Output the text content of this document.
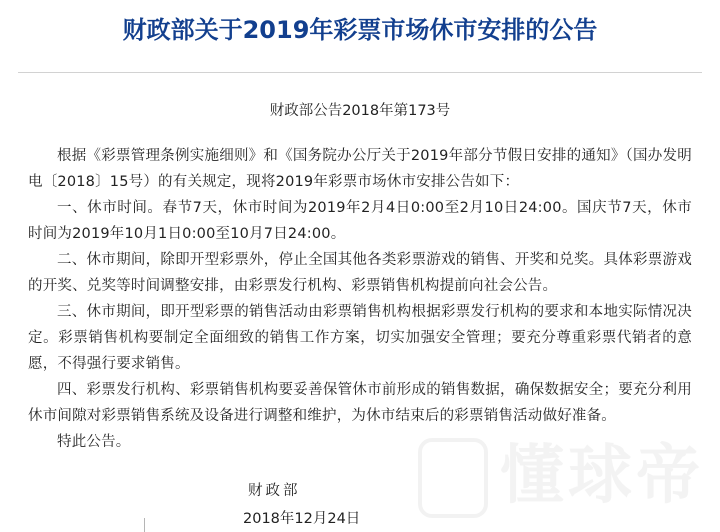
财政部关于2019年彩票市场休市安排的公告
财政部公告2018年第173号

根据《彩票管理条例实施细则》和《国务院办公厅关于2019年部分节假日安排的通知》（国办发明电〔2018〕15号）的有关规定，现将2019年彩票市场休市安排公告如下：

一、休市时间。春节7天，休市时间为2019年2月4日0:00至2月10日24:00。国庆节7天，休市时间为2019年10月1日0:00至10月7日24:00。

二、休市期间，除即开型彩票外，停止全国其他各类彩票游戏的销售、开奖和兑奖。具体彩票游戏的开奖、兑奖等时间调整安排，由彩票发行机构、彩票销售机构提前向社会公告。

三、休市期间，即开型彩票的销售活动由彩票销售机构根据彩票发行机构的要求和本地实际情况决定。彩票销售机构要制定全面细致的销售工作方案，切实加强安全管理；要充分尊重彩票代销者的意愿，不得强行要求销售。

四、彩票发行机构、彩票销售机构要妥善保管休市前形成的销售数据，确保数据安全；要充分利用休市间隙对彩票销售系统及设备进行调整和维护，为休市结束后的彩票销售活动做好准备。

特此公告。

财政部
2018年12月24日
懂球帝
